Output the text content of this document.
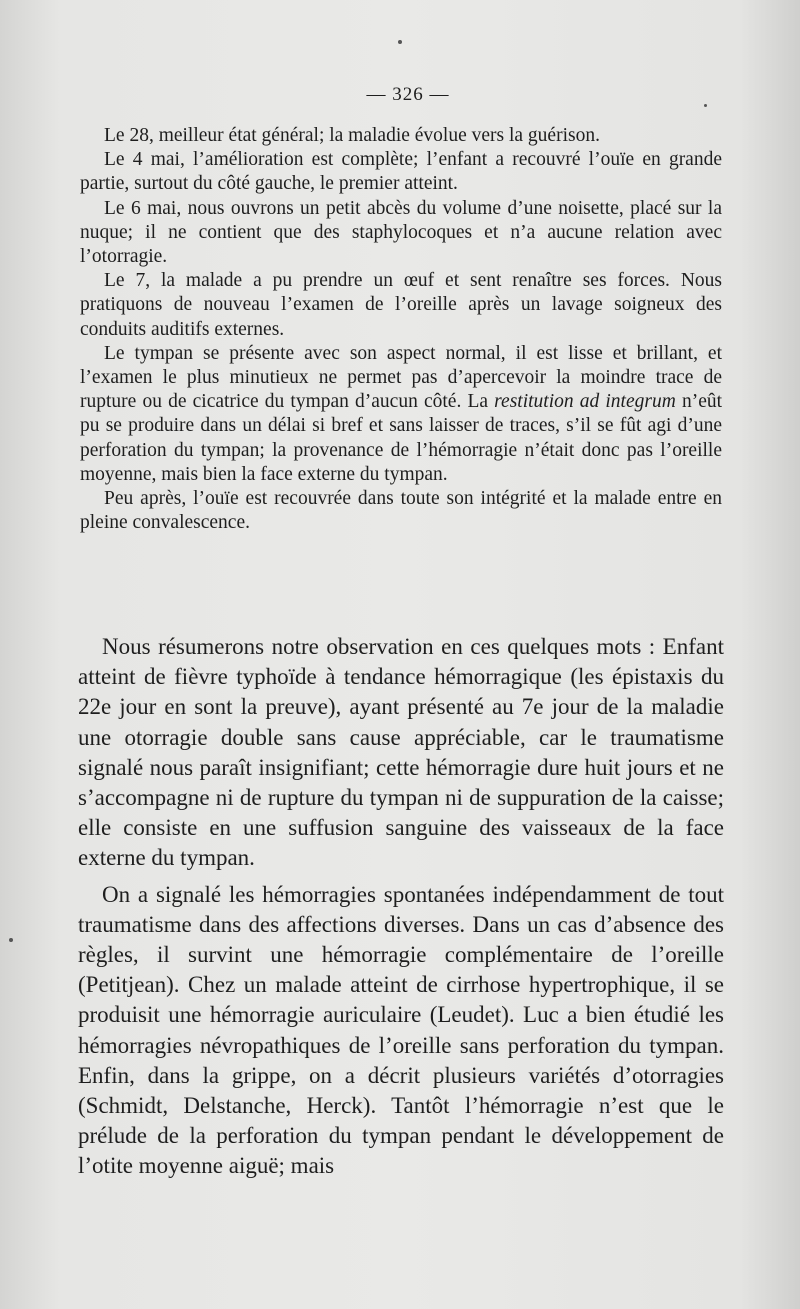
— 326 —

Le 28, meilleur état général; la maladie évolue vers la guérison.

Le 4 mai, l’amélioration est complète; l’enfant a recouvré l’ouïe en grande partie, surtout du côté gauche, le premier atteint.

Le 6 mai, nous ouvrons un petit abcès du volume d’une noisette, placé sur la nuque; il ne contient que des staphylocoques et n’a aucune relation avec l’otorragie.

Le 7, la malade a pu prendre un œuf et sent renaître ses forces. Nous pratiquons de nouveau l’examen de l’oreille après un lavage soigneux des conduits auditifs externes.

Le tympan se présente avec son aspect normal, il est lisse et brillant, et l’examen le plus minutieux ne permet pas d’apercevoir la moindre trace de rupture ou de cicatrice du tympan d’aucun côté. La restitution ad integrum n’eût pu se produire dans un délai si bref et sans laisser de traces, s’il se fût agi d’une perforation du tympan; la provenance de l’hémorragie n’était donc pas l’oreille moyenne, mais bien la face externe du tympan.

Peu après, l’ouïe est recouvrée dans toute son intégrité et la malade entre en pleine convalescence.

Nous résumerons notre observation en ces quelques mots : Enfant atteint de fièvre typhoïde à tendance hémorragique (les épistaxis du 22e jour en sont la preuve), ayant présenté au 7e jour de la maladie une otorragie double sans cause appréciable, car le traumatisme signalé nous paraît insignifiant; cette hémorragie dure huit jours et ne s’accompagne ni de rupture du tympan ni de suppuration de la caisse; elle consiste en une suffusion sanguine des vaisseaux de la face externe du tympan.

On a signalé les hémorragies spontanées indépendamment de tout traumatisme dans des affections diverses. Dans un cas d’absence des règles, il survint une hémorragie complémentaire de l’oreille (Petitjean). Chez un malade atteint de cirrhose hypertrophique, il se produisit une hémorragie auriculaire (Leudet). Luc a bien étudié les hémorragies névropathiques de l’oreille sans perforation du tympan. Enfin, dans la grippe, on a décrit plusieurs variétés d’otorragies (Schmidt, Delstanche, Herck). Tantôt l’hémorragie n’est que le prélude de la perforation du tympan pendant le développement de l’otite moyenne aiguë; mais
